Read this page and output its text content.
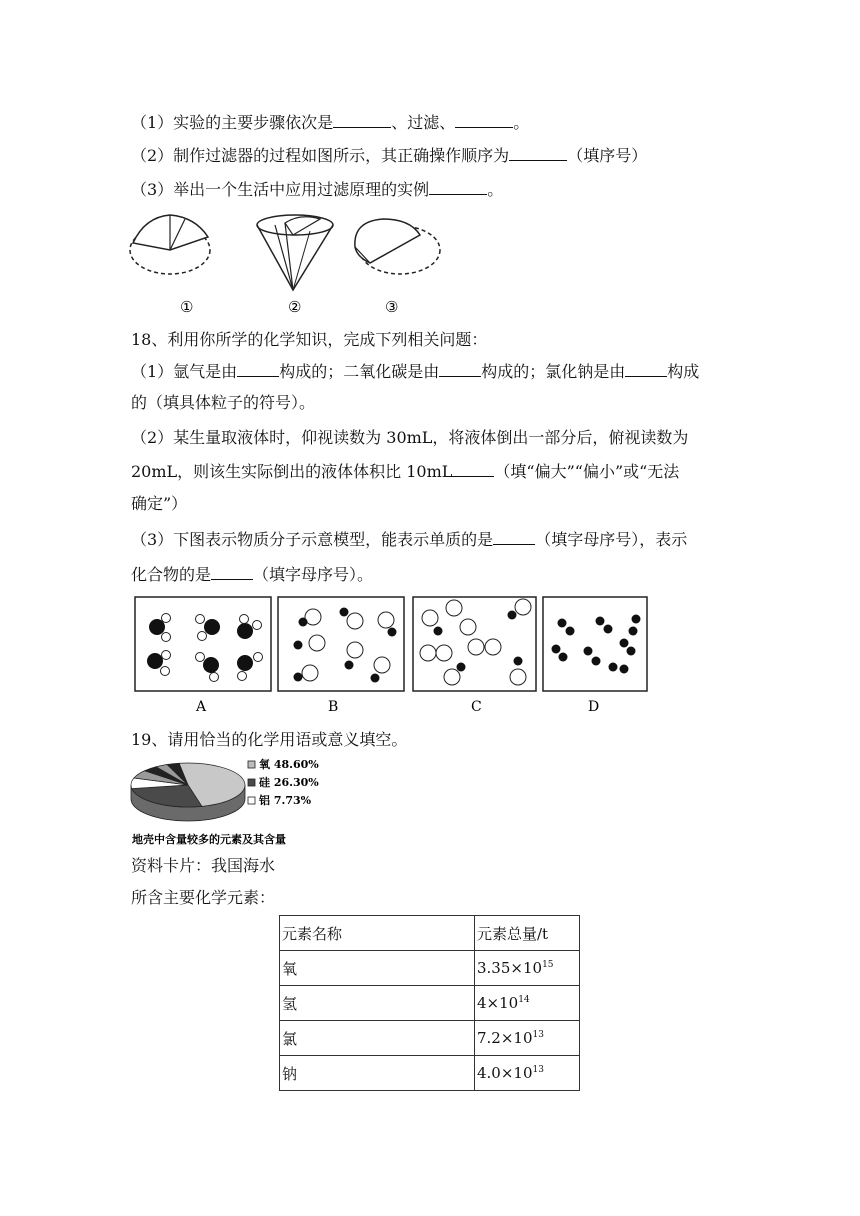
（1）实验的主要步骤依次是	、过滤、	。
（2）制作过滤器的过程如图所示，其正确操作顺序为	（填序号）
（3）举出一个生活中应用过滤原理的实例	。
①	②	③
18、利用你所学的化学知识，完成下列相关问题：
（1）氩气是由	构成的；二氧化碳是由	构成的；氯化钠是由	构成
的（填具体粒子的符号）。
（2）某生量取液体时，仰视读数为 30mL，将液体倒出一部分后，俯视读数为
20mL，则该生实际倒出的液体体积比 10mL	（填“偏大”“偏小”或“无法
确定”）
（3）下图表示物质分子示意模型，能表示单质的是	（填字母序号），表示
化合物的是	（填字母序号）。
A	B	C	D
19、请用恰当的化学用语或意义填空。
氧 48.60%
硅 26.30%
铝 7.73%
地壳中含量较多的元素及其含量
资料卡片：我国海水
所含主要化学元素：
元素名称	元素总量/t
氧	$3.35\times 10^{15}$
氢	$4\times 10^{14}$
氯	$7.2\times 10^{13}$
钠	$4.0\times 10^{13}$
